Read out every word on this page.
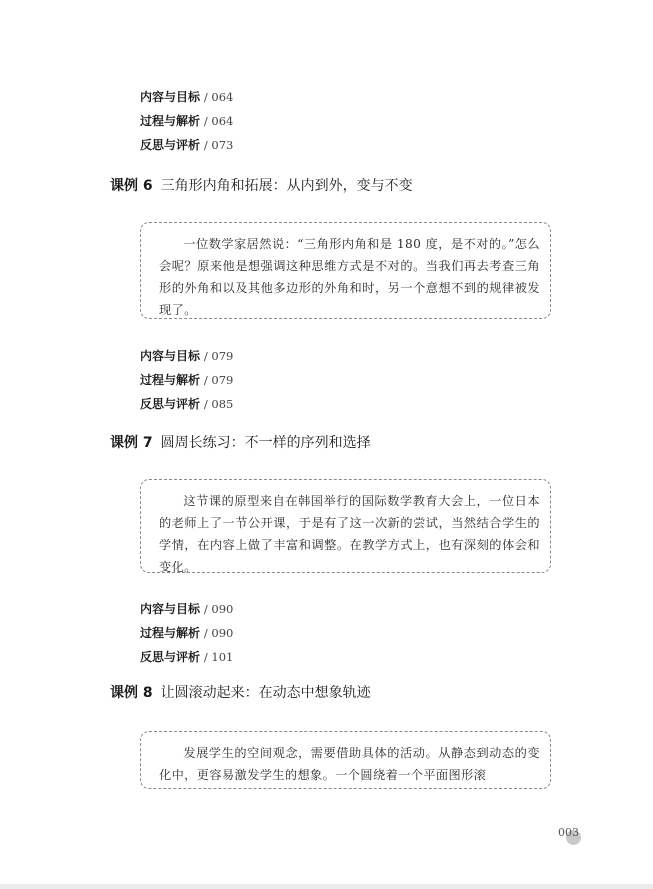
内容与目标 / 064
过程与解析 / 064
反思与评析 / 073
课例 6 三角形内角和拓展：从内到外，变与不变

一位数学家居然说：“三角形内角和是 180 度，是不对的。”怎么会呢？原来他是想强调这种思维方式是不对的。当我们再去考查三角形的外角和以及其他多边形的外角和时，另一个意想不到的规律被发现了。

内容与目标 / 079
过程与解析 / 079
反思与评析 / 085
课例 7 圆周长练习：不一样的序列和选择

这节课的原型来自在韩国举行的国际数学教育大会上，一位日本的老师上了一节公开课，于是有了这一次新的尝试，当然结合学生的学情，在内容上做了丰富和调整。在教学方式上，也有深刻的体会和变化。

内容与目标 / 090
过程与解析 / 090
反思与评析 / 101
课例 8 让圆滚动起来：在动态中想象轨迹

发展学生的空间观念，需要借助具体的活动。从静态到动态的变化中，更容易激发学生的想象。一个圆绕着一个平面图形滚

003
